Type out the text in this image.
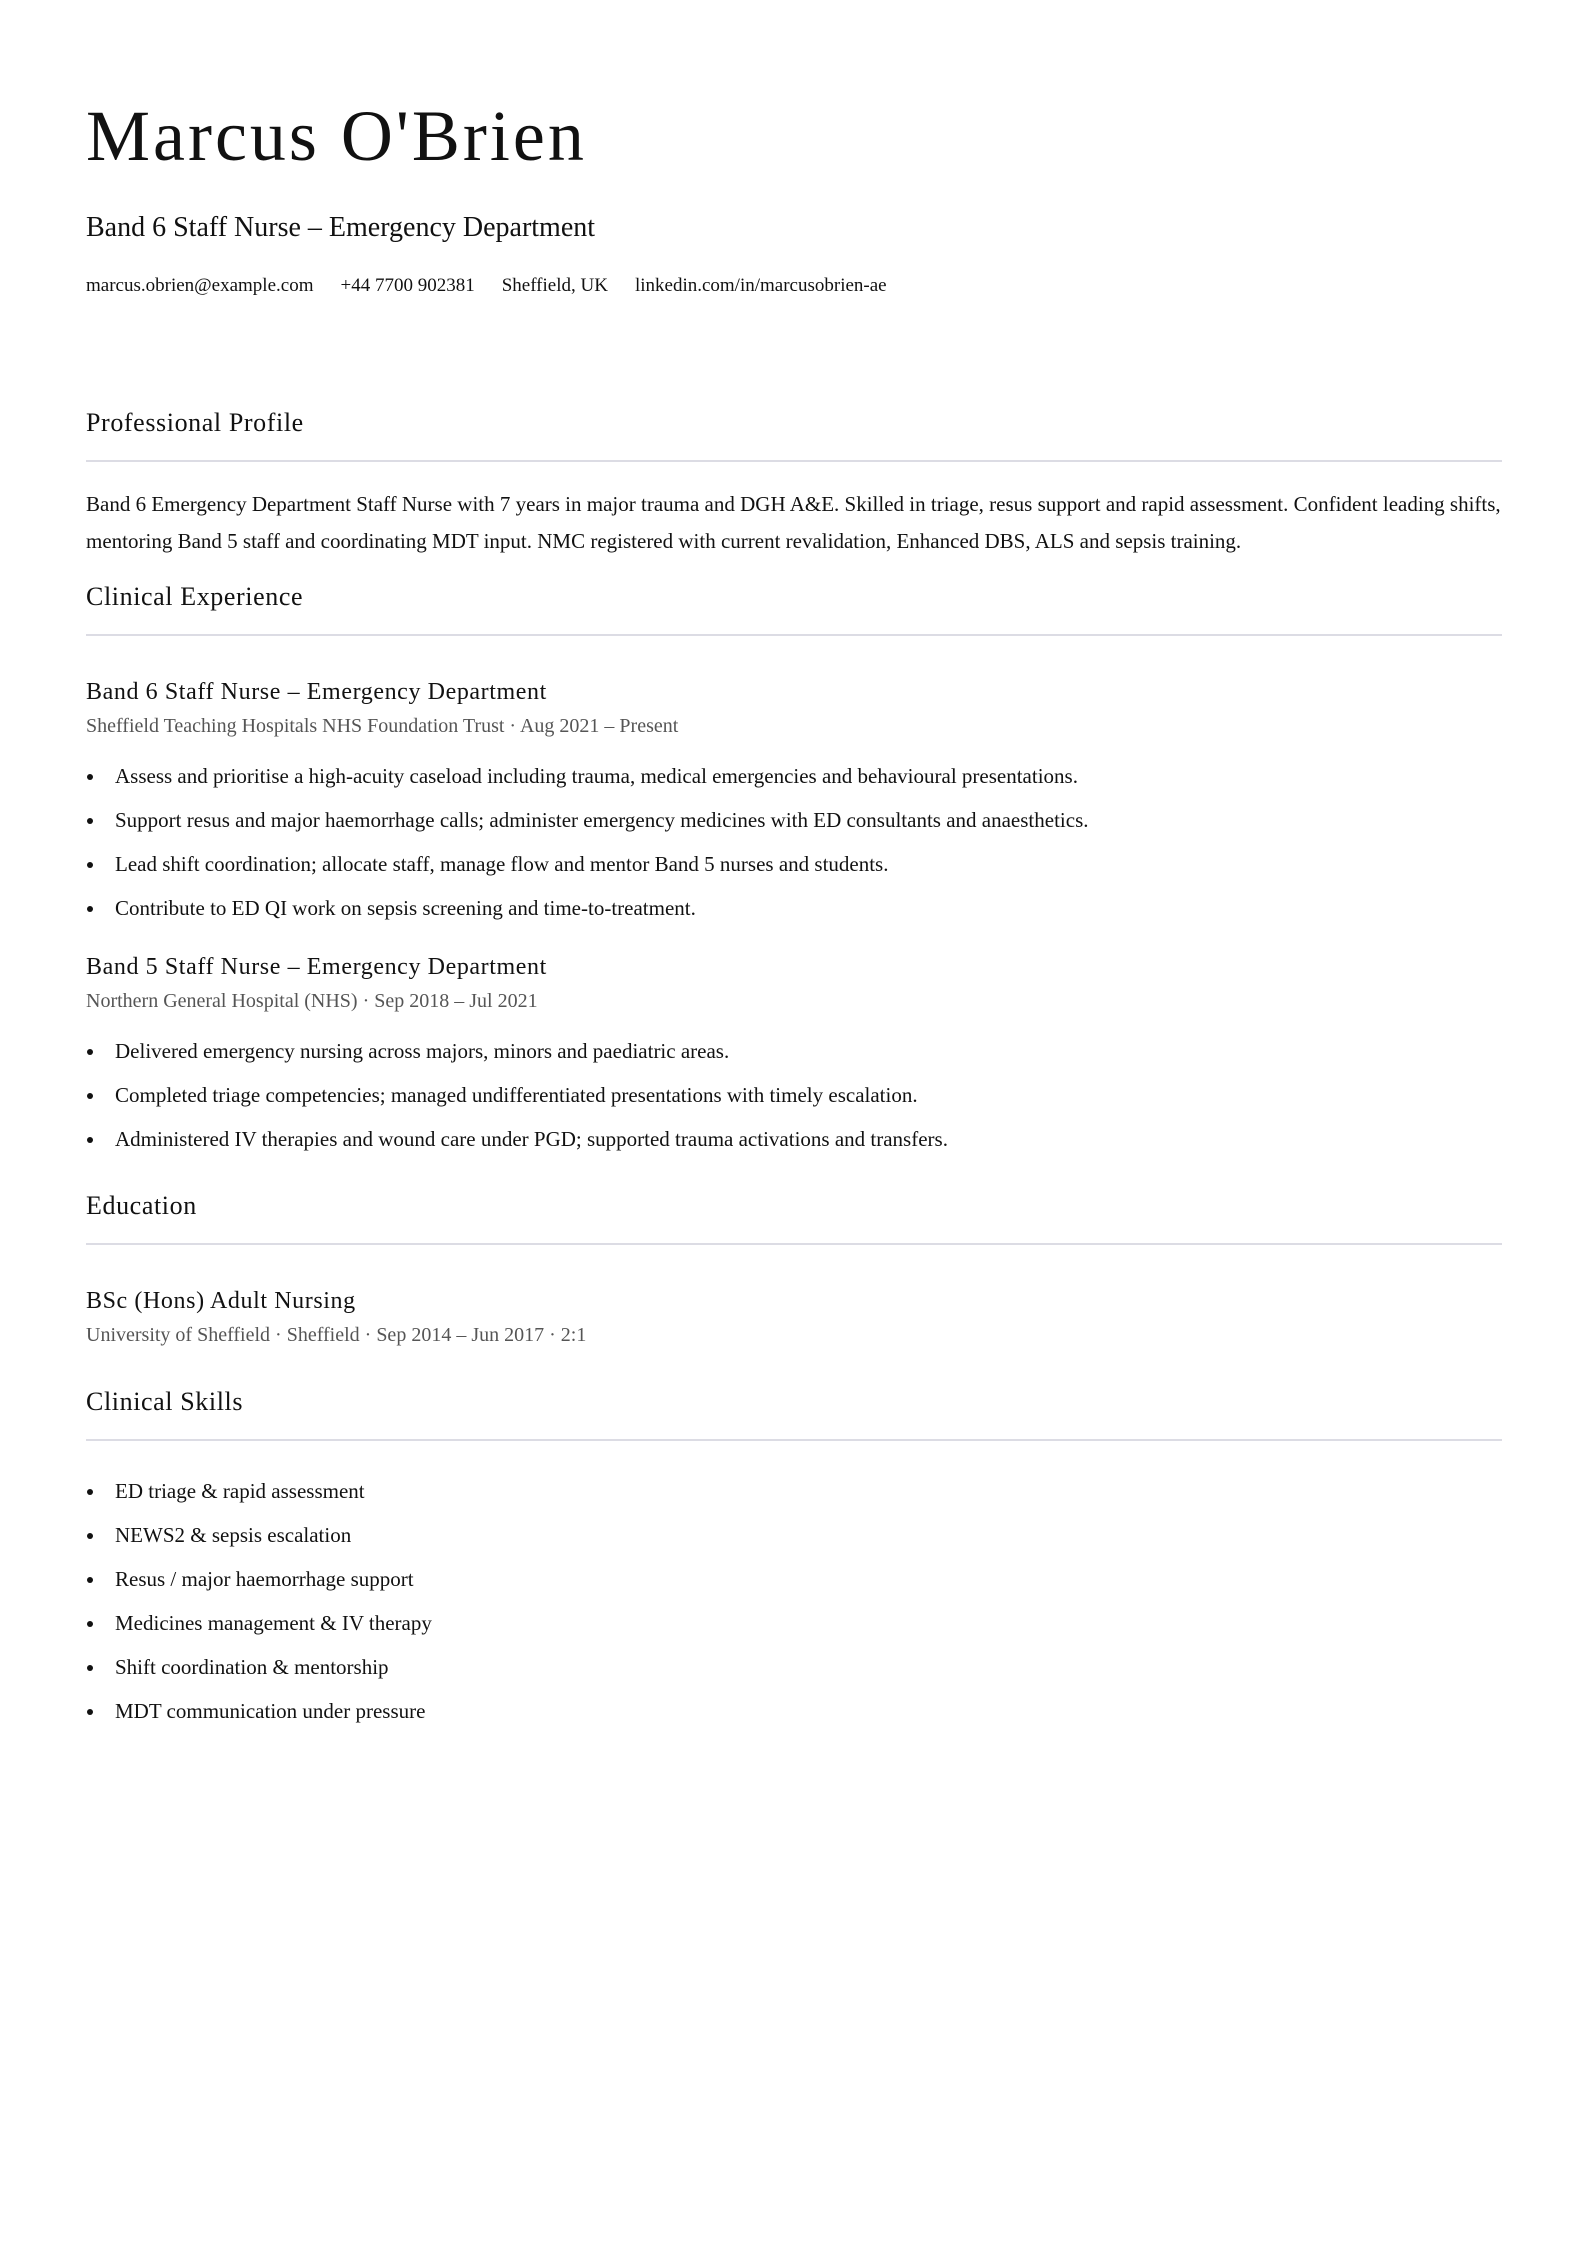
Marcus O'Brien
Band 6 Staff Nurse – Emergency Department
marcus.obrien@example.com +44 7700 902381 Sheffield, UK linkedin.com/in/marcusobrien-ae
Professional Profile
Band 6 Emergency Department Staff Nurse with 7 years in major trauma and DGH A&E. Skilled in triage, resus support and rapid assessment. Confident leading shifts, mentoring Band 5 staff and coordinating MDT input. NMC registered with current revalidation, Enhanced DBS, ALS and sepsis training.
Clinical Experience
Band 6 Staff Nurse – Emergency Department
Sheffield Teaching Hospitals NHS Foundation Trust · Aug 2021 – Present
Assess and prioritise a high-acuity caseload including trauma, medical emergencies and behavioural presentations.
Support resus and major haemorrhage calls; administer emergency medicines with ED consultants and anaesthetics.
Lead shift coordination; allocate staff, manage flow and mentor Band 5 nurses and students.
Contribute to ED QI work on sepsis screening and time-to-treatment.
Band 5 Staff Nurse – Emergency Department
Northern General Hospital (NHS) · Sep 2018 – Jul 2021
Delivered emergency nursing across majors, minors and paediatric areas.
Completed triage competencies; managed undifferentiated presentations with timely escalation.
Administered IV therapies and wound care under PGD; supported trauma activations and transfers.
Education
BSc (Hons) Adult Nursing
University of Sheffield · Sheffield · Sep 2014 – Jun 2017 · 2:1
Clinical Skills
ED triage & rapid assessment
NEWS2 & sepsis escalation
Resus / major haemorrhage support
Medicines management & IV therapy
Shift coordination & mentorship
MDT communication under pressure
